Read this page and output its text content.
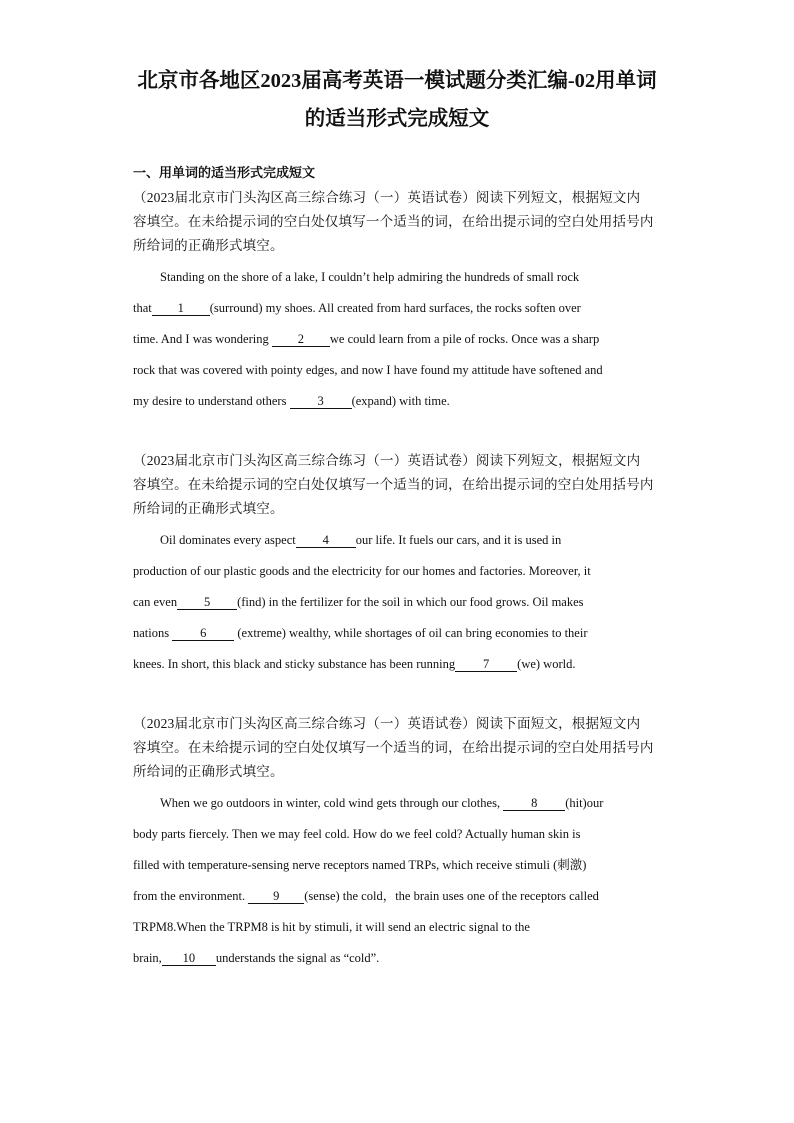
北京市各地区2023届高考英语一模试题分类汇编-02用单词
的适当形式完成短文
一、用单词的适当形式完成短文

（2023届北京市门头沟区高三综合练习（一）英语试卷）阅读下列短文，根据短文内
容填空。在未给提示词的空白处仅填写一个适当的词，在给出提示词的空白处用括号内
所给词的正确形式填空。

Standing on the shore of a lake, I couldn’t help admiring the hundreds of small rock
that 1 (surround) my shoes. All created from hard surfaces, the rocks soften over
time. And I was wondering 2 we could learn from a pile of rocks. Once was a sharp
rock that was covered with pointy edges, and now I have found my attitude have softened and
my desire to understand others 3 (expand) with time.

（2023届北京市门头沟区高三综合练习（一）英语试卷）阅读下列短文，根据短文内
容填空。在未给提示词的空白处仅填写一个适当的词，在给出提示词的空白处用括号内
所给词的正确形式填空。

Oil dominates every aspect 4 our life. It fuels our cars, and it is used in
production of our plastic goods and the electricity for our homes and factories. Moreover, it
can even 5 (find) in the fertilizer for the soil in which our food grows. Oil makes
nations 6 (extreme) wealthy, while shortages of oil can bring economies to their
knees. In short, this black and sticky substance has been running 7 (we) world.

（2023届北京市门头沟区高三综合练习（一）英语试卷）阅读下面短文，根据短文内
容填空。在未给提示词的空白处仅填写一个适当的词，在给出提示词的空白处用括号内
所给词的正确形式填空。

When we go outdoors in winter, cold wind gets through our clothes, 8 (hit)our
body parts fiercely. Then we may feel cold. How do we feel cold? Actually human skin is
filled with temperature-sensing nerve receptors named TRPs, which receive stimuli (刺激)
from the environment. 9 (sense) the cold，the brain uses one of the receptors called
TRPM8.When the TRPM8 is hit by stimuli, it will send an electric signal to the
brain, 10 understands the signal as “cold”.
